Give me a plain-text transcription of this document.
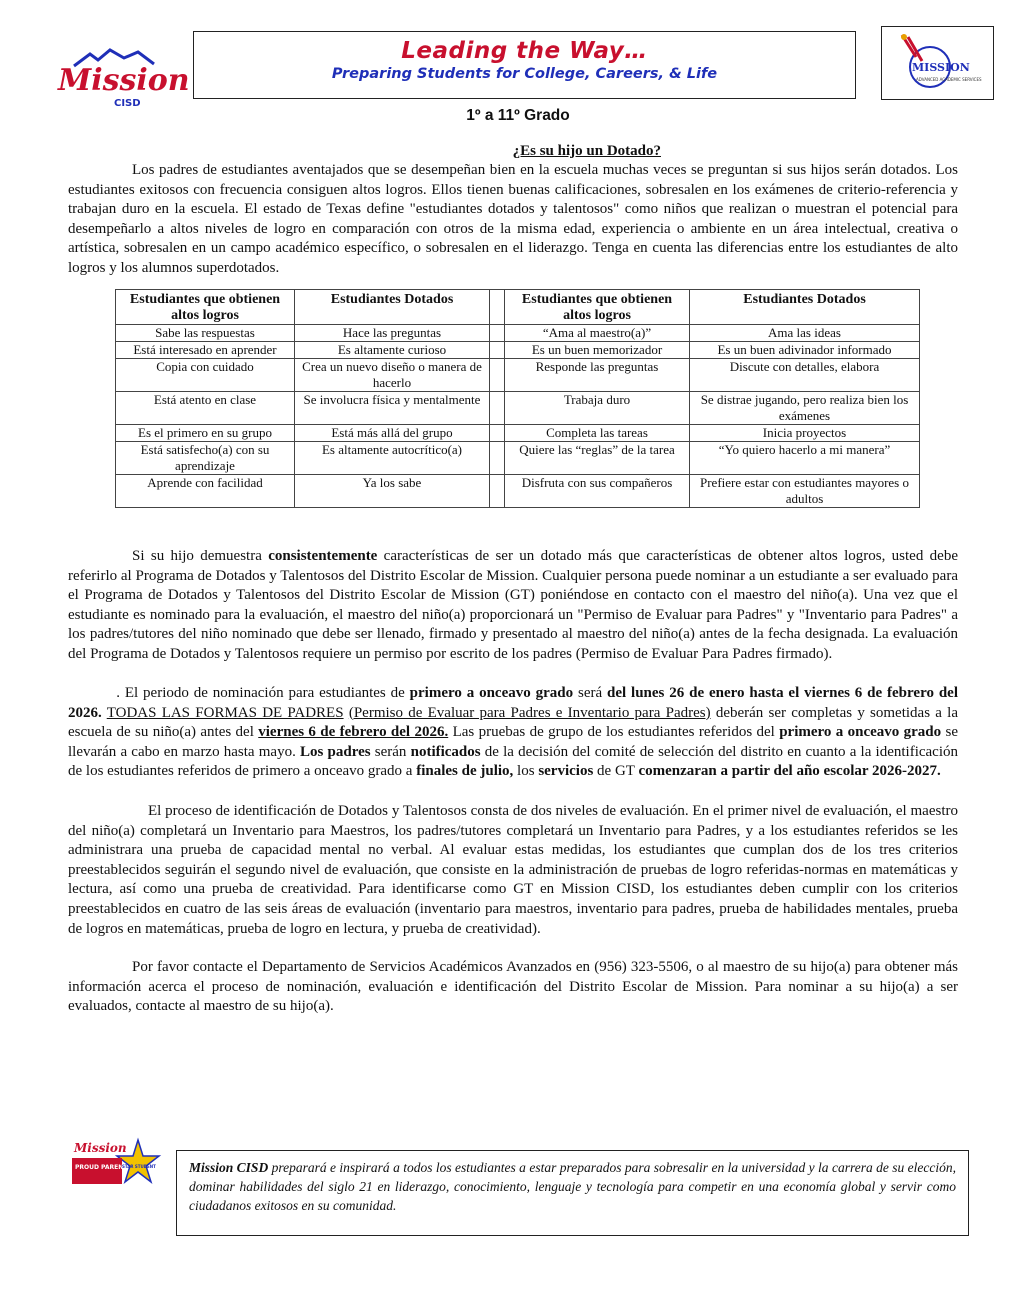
Mission
CISD
Leading the Way…
Preparing Students for College, Careers, & Life	MISSION
ADVANCED ACADEMIC SERVICES
1º a 11º Grado
¿Es su hijo un Dotado?
Los padres de estudiantes aventajados que se desempeñan bien en la escuela muchas veces se preguntan si sus hijos serán dotados. Los estudiantes exitosos con frecuencia consiguen altos logros. Ellos tienen buenas calificaciones, sobresalen en los exámenes de criterio-referencia y trabajan duro en la escuela. El estado de Texas define "estudiantes dotados y talentosos" como niños que realizan o muestran el potencial para desempeñarlo a altos niveles de logro en comparación con otros de la misma edad, experiencia o ambiente en un área intelectual, creativa o artística, sobresalen en un campo académico específico, o sobresalen en el liderazgo. Tenga en cuenta las diferencias entre los estudiantes de alto logros y los alumnos superdotados.
Estudiantes que obtienen altos logros	Estudiantes Dotados		Estudiantes que obtienen altos logros	Estudiantes Dotados
Sabe las respuestas	Hace las preguntas		“Ama al maestro(a)”	Ama las ideas
Está interesado en aprender	Es altamente curioso		Es un buen memorizador	Es un buen adivinador informado
Copia con cuidado	Crea un nuevo diseño o manera de hacerlo		Responde las preguntas	Discute con detalles, elabora
Está atento en clase	Se involucra física y mentalmente		Trabaja duro	Se distrae jugando, pero realiza bien los exámenes
Es el primero en su grupo	Está más allá del grupo		Completa las tareas	Inicia proyectos
Está satisfecho(a) con su aprendizaje	Es altamente autocrítico(a)		Quiere las “reglas” de la tarea	“Yo quiero hacerlo a mi manera”
Aprende con facilidad	Ya los sabe		Disfruta con sus compañeros	Prefiere estar con estudiantes mayores o adultos
Si su hijo demuestra consistentemente características de ser un dotado más que características de obtener altos logros, usted debe referirlo al Programa de Dotados y Talentosos del Distrito Escolar de Mission. Cualquier persona puede nominar a un estudiante a ser evaluado para el Programa de Dotados y Talentosos del Distrito Escolar de Mission (GT) poniéndose en contacto con el maestro del niño(a). Una vez que el estudiante es nominado para la evaluación, el maestro del niño(a) proporcionará un "Permiso de Evaluar para Padres" y "Inventario para Padres" a los padres/tutores del niño nominado que debe ser llenado, firmado y presentado al maestro del niño(a) antes de la fecha designada. La evaluación del Programa de Dotados y Talentosos requiere un permiso por escrito de los padres (Permiso de Evaluar Para Padres firmado).
. El periodo de nominación para estudiantes de primero a onceavo grado será del lunes 26 de enero hasta el viernes 6 de febrero del 2026. TODAS LAS FORMAS DE PADRES (Permiso de Evaluar para Padres e Inventario para Padres) deberán ser completas y sometidas a la escuela de su niño(a) antes del viernes 6 de febrero del 2026. Las pruebas de grupo de los estudiantes referidos del primero a onceavo grado se llevarán a cabo en marzo hasta mayo. Los padres serán notificados de la decisión del comité de selección del distrito en cuanto a la identificación de los estudiantes referidos de primero a onceavo grado a finales de julio, los servicios de GT comenzaran a partir del año escolar 2026-2027.
El proceso de identificación de Dotados y Talentosos consta de dos niveles de evaluación. En el primer nivel de evaluación, el maestro del niño(a) completará un Inventario para Maestros, los padres/tutores completará un Inventario para Padres, y a los estudiantes referidos se les administrara una prueba de capacidad mental no verbal. Al evaluar estas medidas, los estudiantes que cumplan dos de los tres criterios preestablecidos seguirán el segundo nivel de evaluación, que consiste en la administración de pruebas de logro referidas-normas en matemáticas y lectura, así como una prueba de creatividad. Para identificarse como GT en Mission CISD, los estudiantes deben cumplir con los criterios preestablecidos en cuatro de las seis áreas de evaluación (inventario para maestros, inventario para padres, prueba de habilidades mentales, prueba de logros en matemáticas, prueba de logro en lectura, y prueba de creatividad).
Por favor contacte el Departamento de Servicios Académicos Avanzados en (956) 323-5506, o al maestro de su hijo(a) para obtener más información acerca el proceso de nominación, evaluación e identificación del Distrito Escolar de Mission. Para nominar a su hijo(a) a ser evaluados, contacte al maestro de su hijo(a).
Mission
PROUD PARENT
STAR STUDENT	Mission CISD preparará e inspirará a todos los estudiantes a estar preparados para sobresalir en la universidad y la carrera de su elección, dominar habilidades del siglo 21 en liderazgo, conocimiento, lenguaje y tecnología para competir en una economía global y servir como ciudadanos exitosos en su comunidad.
